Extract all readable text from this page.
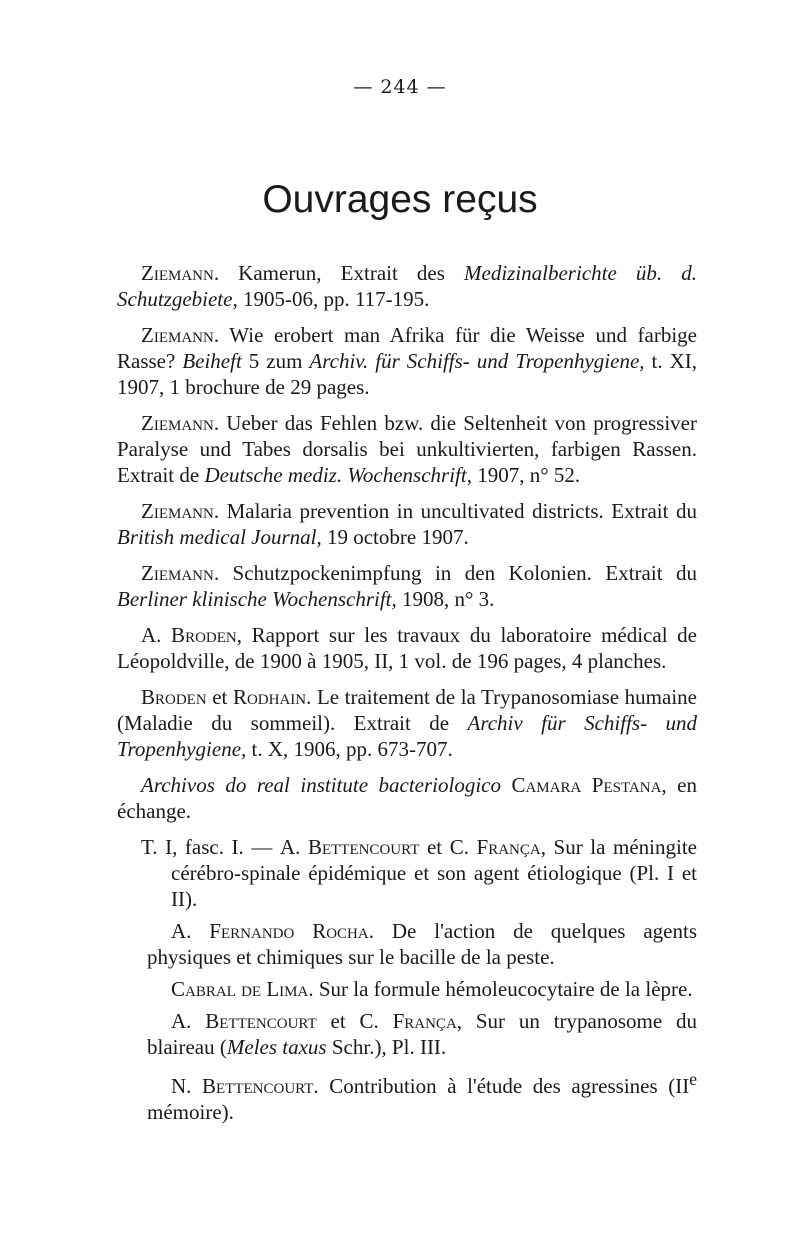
— 244 —
Ouvrages reçus

Ziemann. Kamerun, Extrait des Medizinalberichte üb. d. Schutzgebiete, 1905-06, pp. 117-195.

Ziemann. Wie erobert man Afrika für die Weisse und farbige Rasse? Beiheft 5 zum Archiv. für Schiffs- und Tropenhygiene, t. XI, 1907, 1 brochure de 29 pages.

Ziemann. Ueber das Fehlen bzw. die Seltenheit von progressiver Paralyse und Tabes dorsalis bei unkultivierten, farbigen Rassen. Extrait de Deutsche mediz. Wochenschrift, 1907, n° 52.

Ziemann. Malaria prevention in uncultivated districts. Extrait du British medical Journal, 19 octobre 1907.

Ziemann. Schutzpockenimpfung in den Kolonien. Extrait du Berliner klinische Wochenschrift, 1908, n° 3.

A. Broden, Rapport sur les travaux du laboratoire médical de Léopoldville, de 1900 à 1905, II, 1 vol. de 196 pages, 4 planches.

Broden et Rodhain. Le traitement de la Trypanosomiase humaine (Maladie du sommeil). Extrait de Archiv für Schiffs- und Tropenhygiene, t. X, 1906, pp. 673-707.

Archivos do real institute bacteriologico Camara Pestana, en échange.

T. I, fasc. I. — A. Bettencourt et C. França, Sur la méningite cérébro-spinale épidémique et son agent étiologique (Pl. I et II).

A. Fernando Rocha. De l'action de quelques agents physiques et chimiques sur le bacille de la peste.

Cabral de Lima. Sur la formule hémoleucocytaire de la lèpre.

A. Bettencourt et C. França, Sur un trypanosome du blaireau (Meles taxus Schr.), Pl. III.

N. Bettencourt. Contribution à l'étude des agressines (IIe mémoire).
